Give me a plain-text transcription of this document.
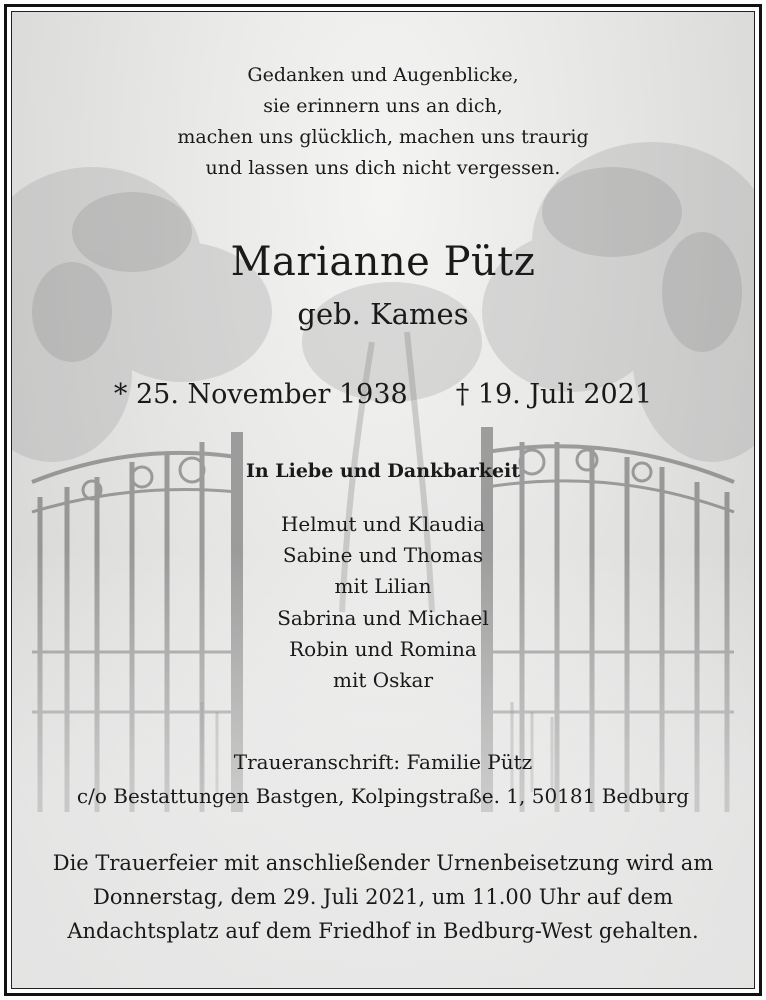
Gedanken und Augenblicke,
sie erinnern uns an dich,
machen uns glücklich, machen uns traurig
und lassen uns dich nicht vergessen.
Marianne Pütz
geb. Kames
* 25. November 1938 † 19. Juli 2021
In Liebe und Dankbarkeit
Helmut und Klaudia
Sabine und Thomas
mit Lilian
Sabrina und Michael
Robin und Romina
mit Oskar
Traueranschrift: Familie Pütz
c/o Bestattungen Bastgen, Kolpingstraße. 1, 50181 Bedburg
Die Trauerfeier mit anschließender Urnenbeisetzung wird am
Donnerstag, dem 29. Juli 2021, um 11.00 Uhr auf dem
Andachtsplatz auf dem Friedhof in Bedburg-West gehalten.
